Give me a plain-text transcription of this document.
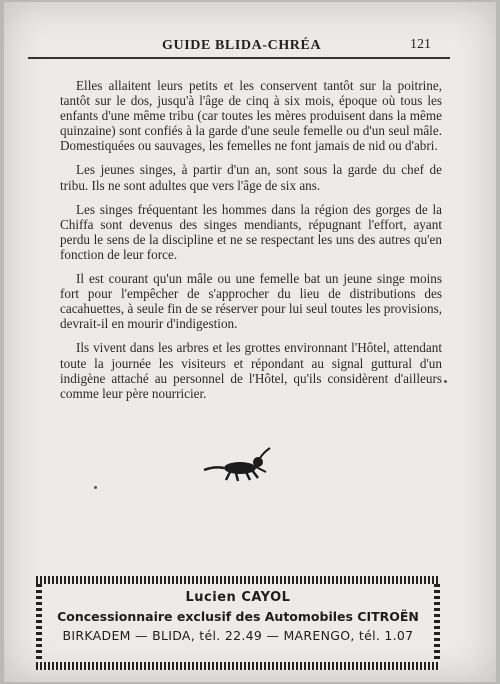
GUIDE BLIDA-CHRÉA	121

Elles allaitent leurs petits et les conservent tantôt sur la poitrine, tantôt sur le dos, jusqu'à l'âge de cinq à six mois, époque où tous les enfants d'une même tribu (car toutes les mères produisent dans la même quinzaine) sont confiés à la garde d'une seule femelle ou d'un seul mâle. Domestiquées ou sauvages, les femelles ne font jamais de nid ou d'abri.

Les jeunes singes, à partir d'un an, sont sous la garde du chef de tribu. Ils ne sont adultes que vers l'âge de six ans.

Les singes fréquentant les hommes dans la région des gorges de la Chiffa sont devenus des singes mendiants, répugnant l'effort, ayant perdu le sens de la discipline et ne se respectant les uns des autres qu'en fonction de leur force.

Il est courant qu'un mâle ou une femelle bat un jeune singe moins fort pour l'empêcher de s'approcher du lieu de distributions des cacahuettes, à seule fin de se réserver pour lui seul toutes les provisions, devrait-il en mourir d'indigestion.

Ils vivent dans les arbres et les grottes environnant l'Hôtel, attendant toute la journée les visiteurs et répondant au signal guttural d'un indigène attaché au personnel de l'Hôtel, qu'ils considèrent d'ailleurs comme leur père nourricier.

Lucien CAYOL
Concessionnaire exclusif des Automobiles CITROËN
BIRKADEM — BLIDA, tél. 22.49 — MARENGO, tél. 1.07
